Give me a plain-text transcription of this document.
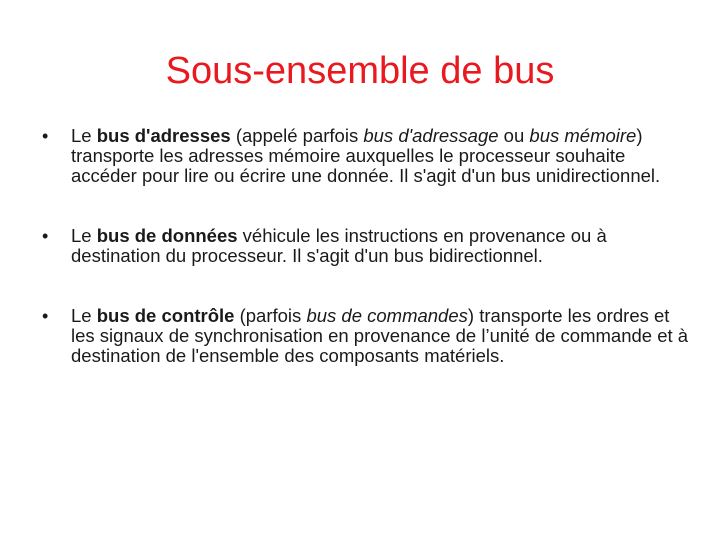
Sous-ensemble de bus
• Le bus d'adresses (appelé parfois bus d'adressage ou bus mémoire) transporte les adresses mémoire auxquelles le processeur souhaite accéder pour lire ou écrire une donnée. Il s'agit d'un bus unidirectionnel.
• Le bus de données véhicule les instructions en provenance ou à destination du processeur. Il s'agit d'un bus bidirectionnel.
• Le bus de contrôle (parfois bus de commandes) transporte les ordres et les signaux de synchronisation en provenance de l’unité de commande et à destination de l'ensemble des composants matériels.
